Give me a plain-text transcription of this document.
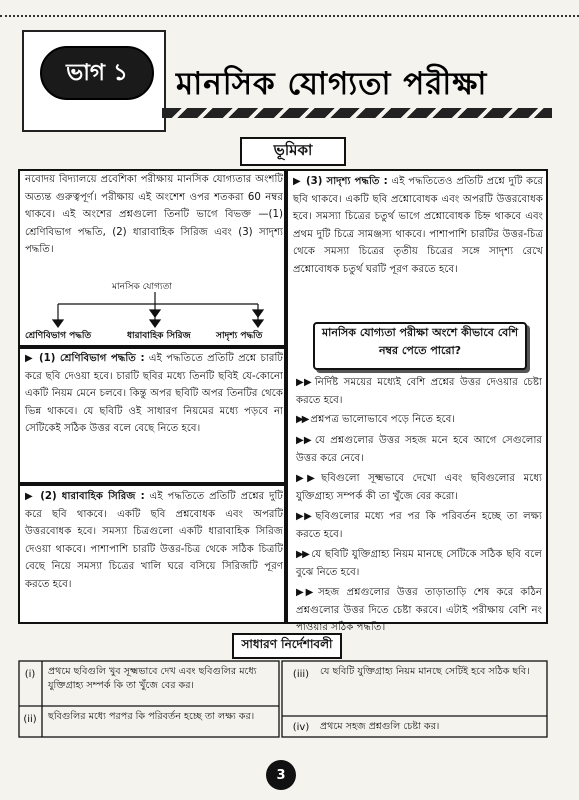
ভাগ ১ মানসিক যোগ্যতা পরীক্ষা
ভূমিকা
নবোদয় বিদ্যালয়ে প্রবেশিকা পরীক্ষায় মানসিক যোগ্যতার অংশটি অত্যন্ত গুরুত্বপূর্ণ। পরীক্ষায় এই অংশেশ ওপর শতকরা 60 নম্বর থাকবে। এই অংশের প্রশ্নগুলো তিনটি ভাগে বিভক্ত —(1) শ্রেণিবিভাগ পদ্ধতি, (2) ধারাবাহিক সিরিজ এবং (3) সাদৃশ্য পদ্ধতি।
মানসিক যোগ্যতা
শ্রেণিবিভাগ পদ্ধতি	ধারাবাহিক সিরিজ	সাদৃশ্য পদ্ধতি
▶ (1) শ্রেণিবিভাগ পদ্ধতি : এই পদ্ধতিতে প্রতিটি প্রশ্নে চারটি করে ছবি দেওয়া হবে। চারটি ছবির মধ্যে তিনটি ছবিই যে-কোনো একটি নিয়ম মেনে চলবে। কিন্তু অপর ছবিটি অপর তিনটির থেকে ভিন্ন থাকবে। যে ছবিটি ওই সাধারণ নিয়মের মধ্যে পড়বে না সেটিকেই সঠিক উত্তর বলে বেছে নিতে হবে।
▶ (2) ধারাবাহিক সিরিজ : এই পদ্ধতিতে প্রতিটি প্রশ্নের দুটি করে ছবি থাকবে। একটি ছবি প্রশ্নবোধক এবং অপরটি উত্তরবোধক হবে। সমস্যা চিত্রগুলো একটি ধারাবাহিক সিরিজ দেওয়া থাকবে। পাশাপাশি চারটি উত্তর-চিত্র থেকে সঠিক চিত্রটি বেছে নিয়ে সমস্যা চিত্রের খালি ঘরে বসিয়ে সিরিজটি পূরণ করতে হবে।
▶ (3) সাদৃশ্য পদ্ধতি : এই পদ্ধতিতেও প্রতিটি প্রশ্নে দুটি করে ছবি থাকবে। একটি ছবি প্রশ্নোবোধক এবং অপরটি উত্তরবোধক হবে। সমস্যা চিত্রের চতুর্থ ভাগে প্রশ্নোবোধক চিহ্ন থাকবে এবং প্রথম দুটি চিত্রে সামঞ্জস্য থাকবে। পাশাপাশি চারটির উত্তর-চিত্র থেকে সমস্যা চিত্রের তৃতীয় চিত্রের সঙ্গে সাদৃশ্য রেখে প্রশ্নোবোধক চতুর্থ ঘরটি পূরণ করতে হবে।
মানসিক যোগ্যতা পরীক্ষা অংশে কীভাবে বেশি নম্বর পেতে পারো?
▶▶ নির্দিষ্ট সময়ের মধ্যেই বেশি প্রশ্নের উত্তর দেওয়ার চেষ্টা করতে হবে।
▶▶ প্রশ্নপত্র ভালোভাবে পড়ে নিতে হবে।
▶▶ যে প্রশ্নগুলোর উত্তর সহজ মনে হবে আগে সেগুলোর উত্তর করে নেবে।
▶▶ ছবিগুলো সূক্ষ্মভাবে দেখো এবং ছবিগুলোর মধ্যে যুক্তিগ্রাহ্য সম্পর্ক কী তা খুঁজে বের করো।
▶▶ ছবিগুলোর মধ্যে পর পর কি পরিবর্তন হচ্ছে তা লক্ষ্য করতে হবে।
▶▶ যে ছবিটি যুক্তিগ্রাহ্য নিয়ম মানছে সেটিকে সঠিক ছবি বলে বুঝে নিতে হবে।
▶▶ সহজ প্রশ্নগুলোর উত্তর তাড়াতাড়ি শেষ করে কঠিন প্রশ্নগুলোর উত্তর দিতে চেষ্টা করবে। এটাই পরীক্ষায় বেশি নং পাওয়ার সঠিক পদ্ধতি।
সাধারণ নির্দেশাবলী
(i)	প্রথমে ছবিগুলি খুব সূক্ষ্মভাবে দেখ এবং ছবিগুলির মধ্যে যুক্তিগ্রাহ্য সম্পর্ক কি তা খুঁজে বের কর।
(ii)	ছবিগুলির মধ্যে পরপর কি পরিবর্তন হচ্ছে তা লক্ষ্য কর।
(iii)	যে ছবিটি যুক্তিগ্রাহ্য নিয়ম মানছে সেটিই হবে সঠিক ছবি।
(iv)	প্রথমে সহজ প্রশ্নগুলি চেষ্টা কর।
3
